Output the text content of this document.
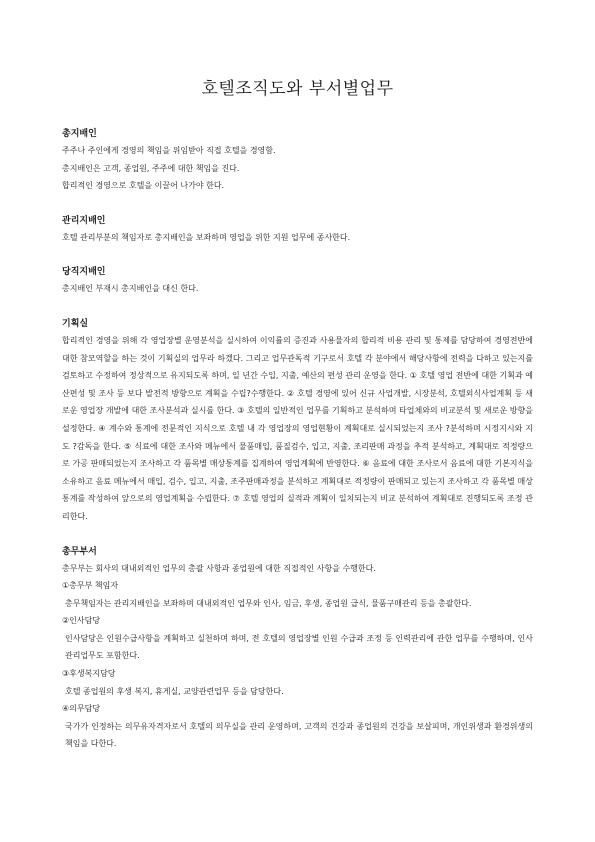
호텔조직도와 부서별업무

총지배인

주주나 주인에게 경영의 책임을 위임받아 직접 호텔을 경영함.

총지배인은 고객, 종업원, 주주에 대한 책임을 진다.

합리적인 경영으로 호텔을 이끌어 나가야 한다.

관리지배인

호텔 관리부분의 책임자로 총지배인을 보좌하며 영업을 위한 지원 업무에 종사한다.

당직지배인

총지배인 부재시 총지배인을 대신 한다.

기획실

합리적인 경영을 위해 각 영업장별 운영분석을 실시하여 이익률의 증진과 사용물자의 합리적 비용 관리 및 통제를 담당하여 경영전반에 대한 참모역할을 하는 것이 기획실의 업무라 하겠다. 그리고 업무관독적 기구로서 호텔 각 분야에서 해당사항에 전력을 다하고 있는지를 검토하고 수정하여 정상적으로 유지되도록 하며, 일 년간 수입, 지출, 예산의 편성 관리 운영을 한다. ① 호텔 영업 전반에 대한 기획과 예산편성 및 조사 등 보다 발전적 방향으로 계획을 수립?수행한다. ② 호텔 경영에 있어 신규 사업개발, 시장분석, 호텔외식사업계획 등 새로운 영업장 개발에 대한 조사분석과 실시를 한다. ③ 호텔의 일반적인 업무를 기획하고 분석하며 타업체와의 비교분석 및 새로운 방향을 설정한다. ④ 계수와 통계에 전문적인 지식으로 호텔 내 각 영업장의 영업현황이 계획대로 실시되었는지 조사 ?분석하며 시정지시와 지도 ?감독을 한다. ⑤ 식료에 대한 조사와 메뉴에서 물품매입, 품질검수, 입고, 지출, 조리판매 과정을 추적 분석하고, 계획대로 적정량으로 가공 판매되었는지 조사하고 각 품목별 매상통계를 집계하여 영업계획에 반영한다. ⑥ 음료에 대한 조사로서 음료에 대한 기본지식을 소유하고 음료 메뉴에서 매입, 검수, 입고, 지출, 조주판매과정을 분석하고 계획대로 적정량이 판매되고 있는지 조사하고 각 품목별 매상통계를 작성하여 앞으로의 영업계획을 수립한다. ⑦ 호텔 영업의 실적과 계획이 일치되는지 비교 분석하여 계획대로 진행되도록 조정 관리한다.

총무부서

총무부는 회사의 대내외적인 업무의 총괄 사항과 종업원에 대한 직접적인 사항을 수행한다.

①총무부 책임자

총무책임자는 관리지배인을 보좌하며 대내외적인 업무와 인사, 임금, 후생, 종업원 급식, 물품구매관리 등을 총괄한다.

②인사담당

인사담당은 인원수급사항을 계획하고 실천하며 하며, 전 호텔의 영업장별 인원 수급과 조정 등 인력관리에 관한 업무를 수행하며, 인사관리업무도 포함한다.

③후생복지담당

호텔 종업원의 후생 복지, 휴게실, 교양관련업무 등을 담당한다.

④의무담당

국가가 인정하는 의무유자격자로서 호텔의 의무실을 관리 운영하며, 고객의 건강과 종업원의 건강을 보살피며, 개인위생과 환경위생의 책임을 다한다.
